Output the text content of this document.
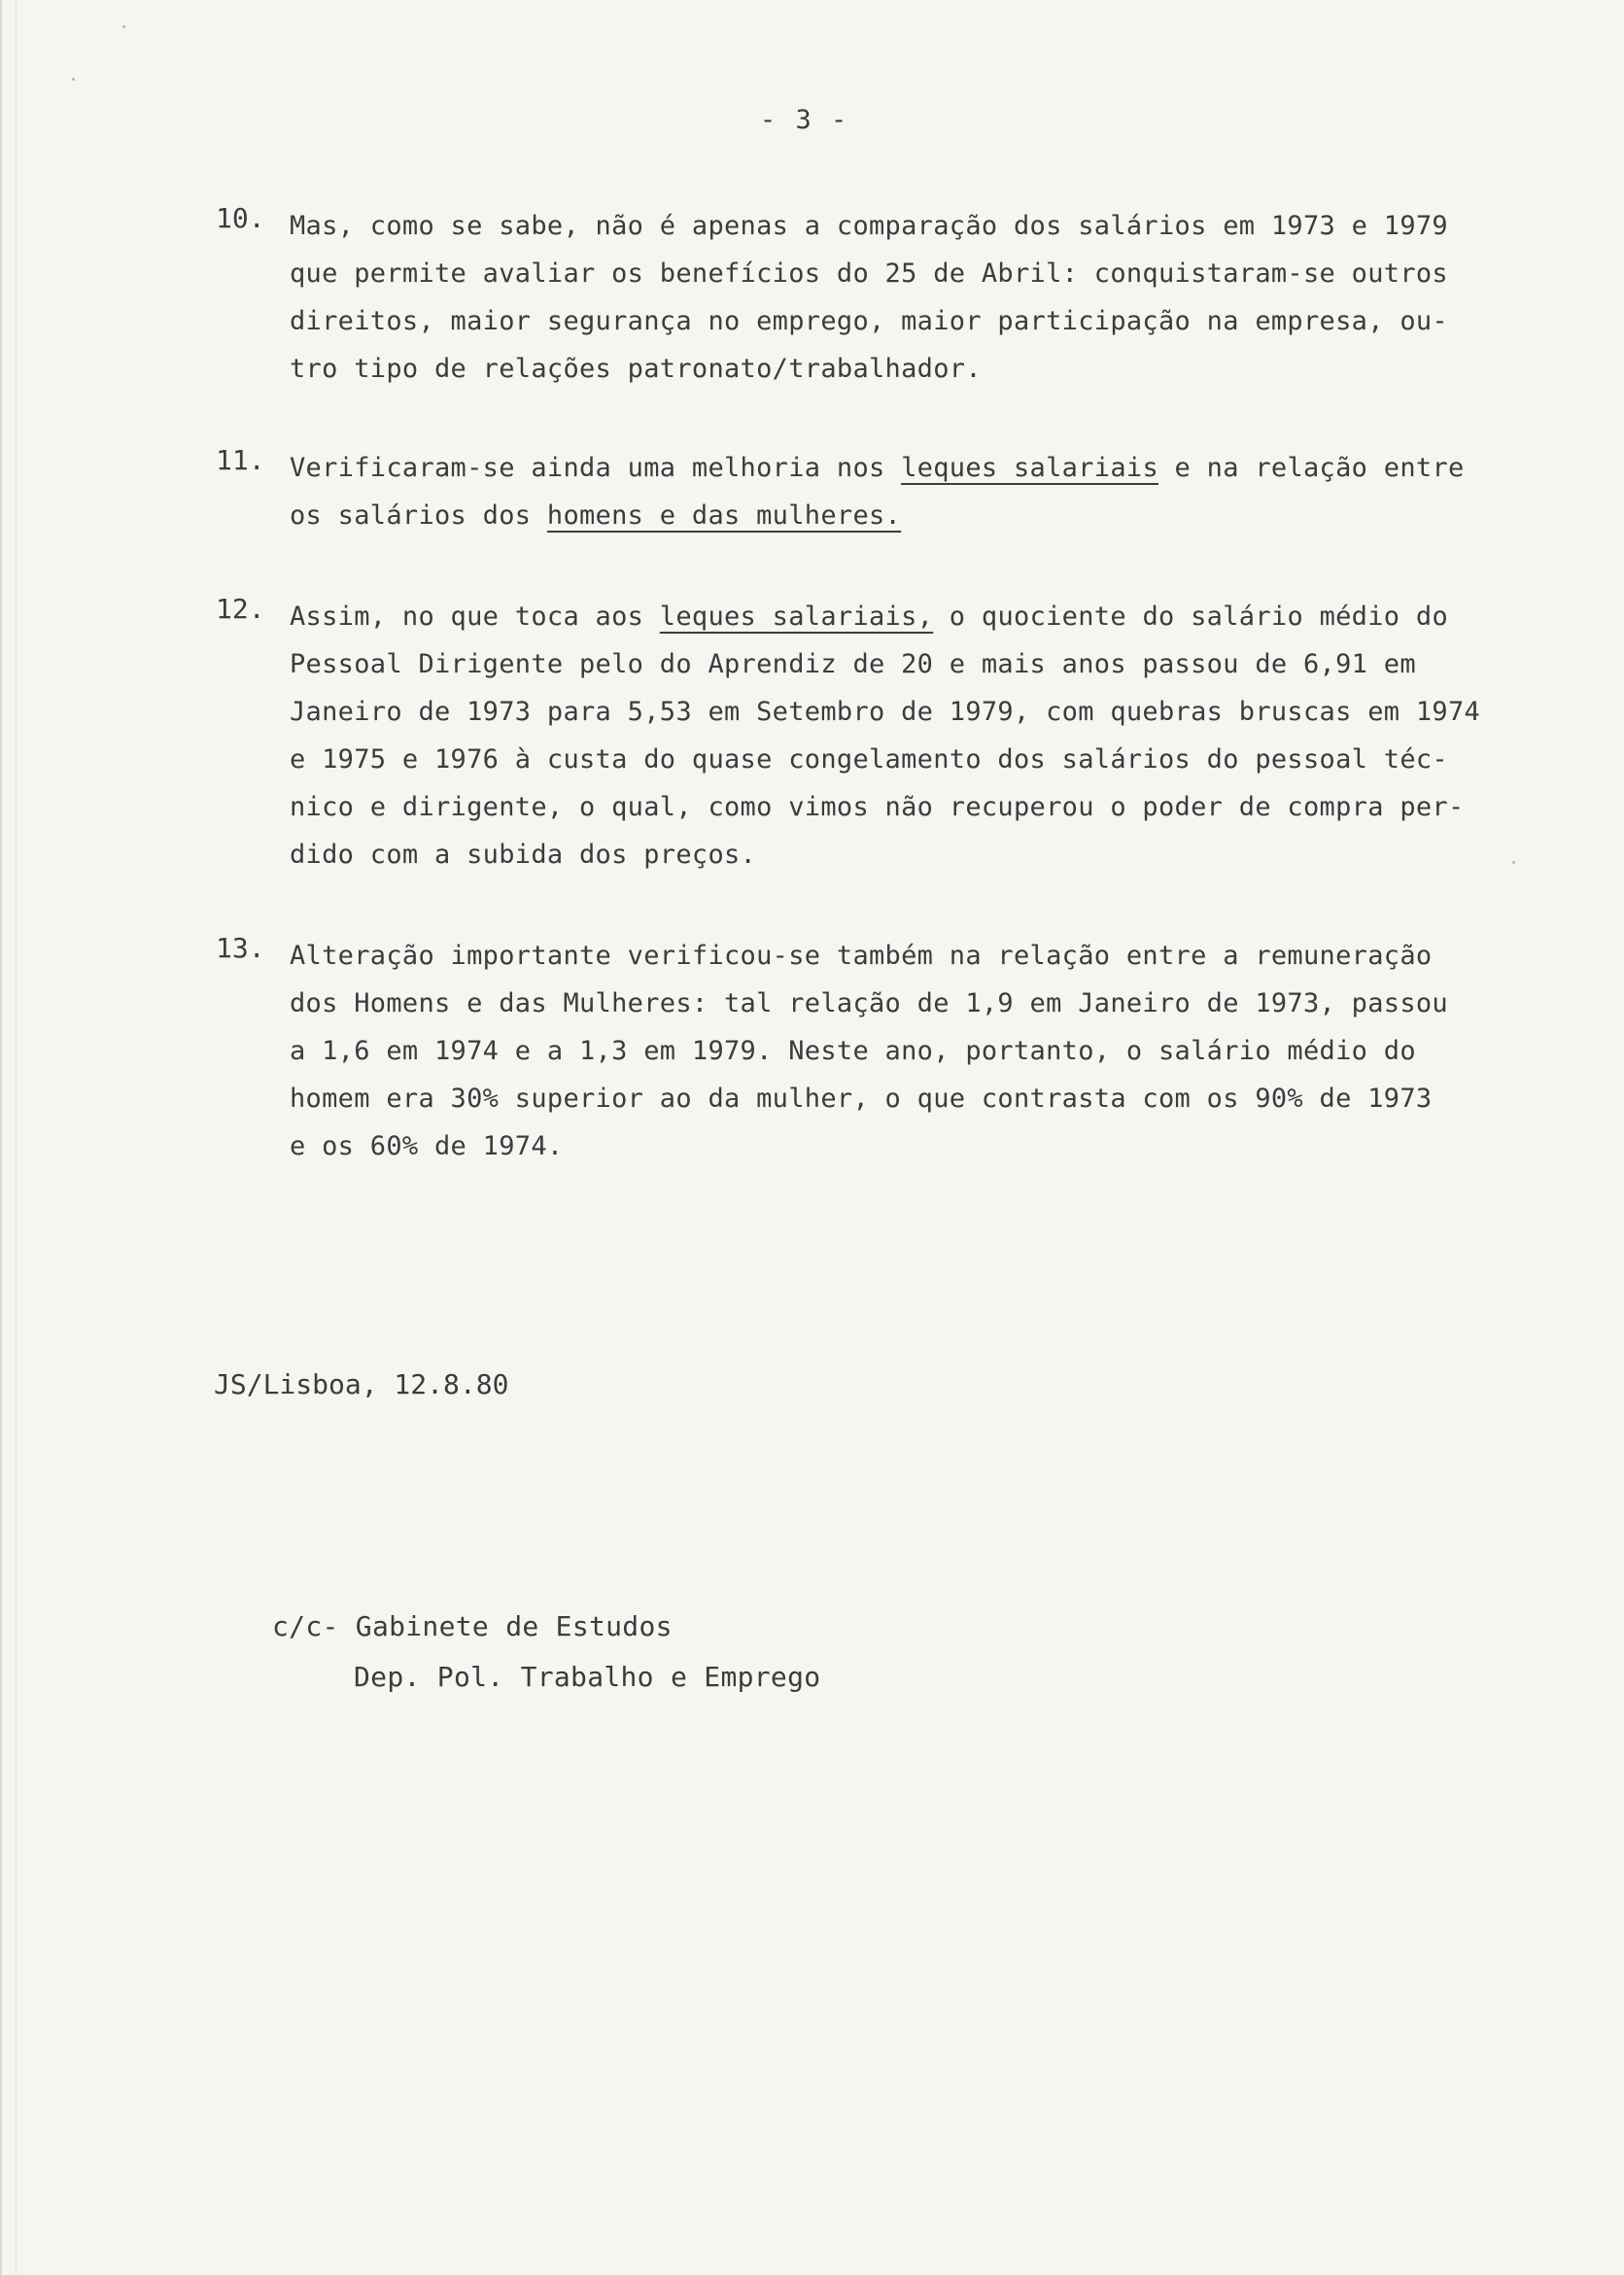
- 3 -
10. Mas, como se sabe, não é apenas a comparação dos salários em 1973 e 1979
que permite avaliar os benefícios do 25 de Abril: conquistaram-se outros
direitos, maior segurança no emprego, maior participação na empresa, ou-
tro tipo de relações patronato/trabalhador.
11. Verificaram-se ainda uma melhoria nos leques salariais e na relação entre
os salários dos homens e das mulheres.
12. Assim, no que toca aos leques salariais, o quociente do salário médio do
Pessoal Dirigente pelo do Aprendiz de 20 e mais anos passou de 6,91 em
Janeiro de 1973 para 5,53 em Setembro de 1979, com quebras bruscas em 1974
e 1975 e 1976 à custa do quase congelamento dos salários do pessoal téc-
nico e dirigente, o qual, como vimos não recuperou o poder de compra per-
dido com a subida dos preços.
13. Alteração importante verificou-se também na relação entre a remuneração
dos Homens e das Mulheres: tal relação de 1,9 em Janeiro de 1973, passou
a 1,6 em 1974 e a 1,3 em 1979. Neste ano, portanto, o salário médio do
homem era 30% superior ao da mulher, o que contrasta com os 90% de 1973
e os 60% de 1974.
JS/Lisboa, 12.8.80
c/c- Gabinete de Estudos
Dep. Pol. Trabalho e Emprego
